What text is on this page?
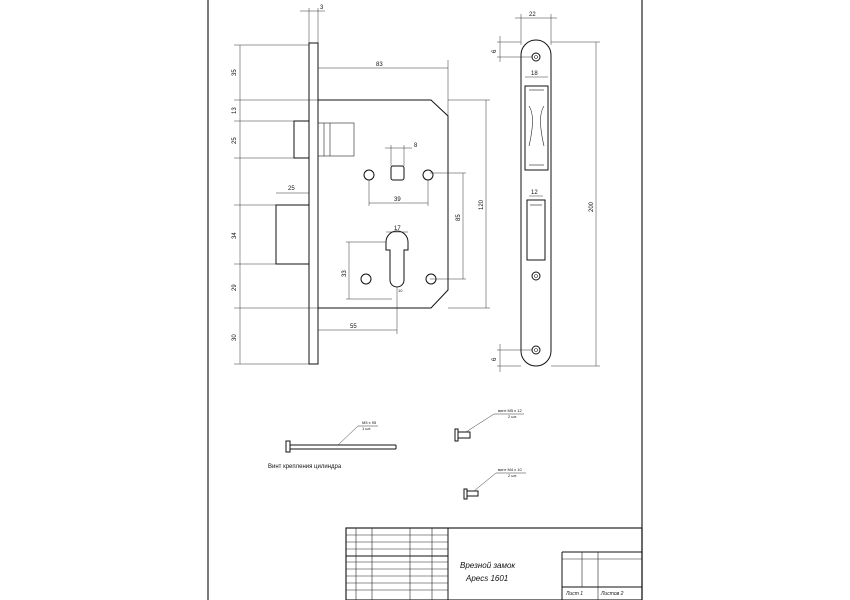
3
83
35
13
25
25
34
29
30
8
39
85
120
17
33
10
55
22
18
12
200
6
6
M5 x 95
1 шт.
Винт крепления цилиндра
винт M5 x 12
2 шт.
винт M4 x 10
2 шт.
Врезной замок
Apecs 1601
Лист 1	Листов 2
